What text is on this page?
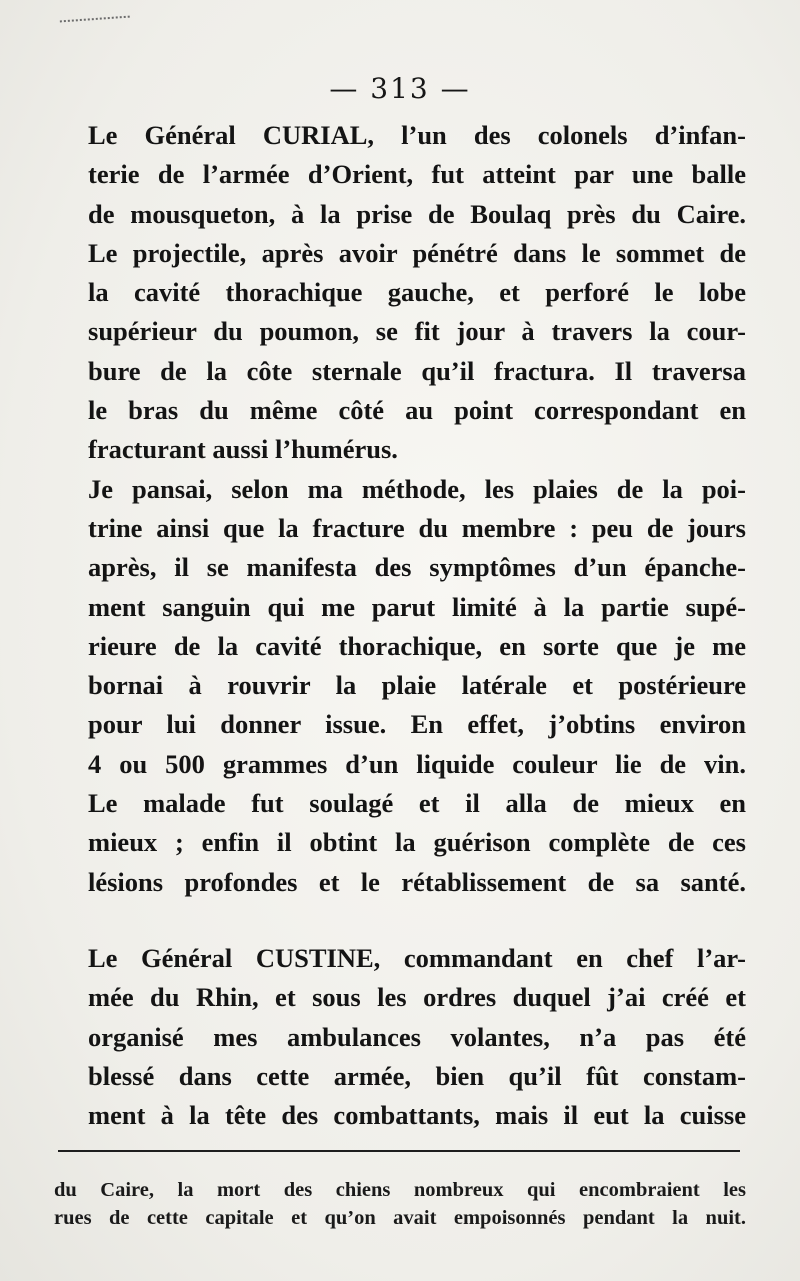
— 313 —

Le Général CURIAL, l’un des colonels d’infan-
terie de l’armée d’Orient, fut atteint par une balle
de mousqueton, à la prise de Boulaq près du Caire.
Le projectile, après avoir pénétré dans le sommet de
la cavité thorachique gauche, et perforé le lobe
supérieur du poumon, se fit jour à travers la cour-
bure de la côte sternale qu’il fractura. Il traversa
le bras du même côté au point correspondant en
fracturant aussi l’humérus.

Je pansai, selon ma méthode, les plaies de la poi-
trine ainsi que la fracture du membre : peu de jours
après, il se manifesta des symptômes d’un épanche-
ment sanguin qui me parut limité à la partie supé-
rieure de la cavité thorachique, en sorte que je me
bornai à rouvrir la plaie latérale et postérieure
pour lui donner issue. En effet, j’obtins environ
4 ou 500 grammes d’un liquide couleur lie de vin.

Le malade fut soulagé et il alla de mieux en
mieux ; enfin il obtint la guérison complète de ces
lésions profondes et le rétablissement de sa santé.

Le Général CUSTINE, commandant en chef l’ar-
mée du Rhin, et sous les ordres duquel j’ai créé et
organisé mes ambulances volantes, n’a pas été
blessé dans cette armée, bien qu’il fût constam-
ment à la tête des combattants, mais il eut la cuisse

du Caire, la mort des chiens nombreux qui encombraient les
rues de cette capitale et qu’on avait empoisonnés pendant la nuit.
